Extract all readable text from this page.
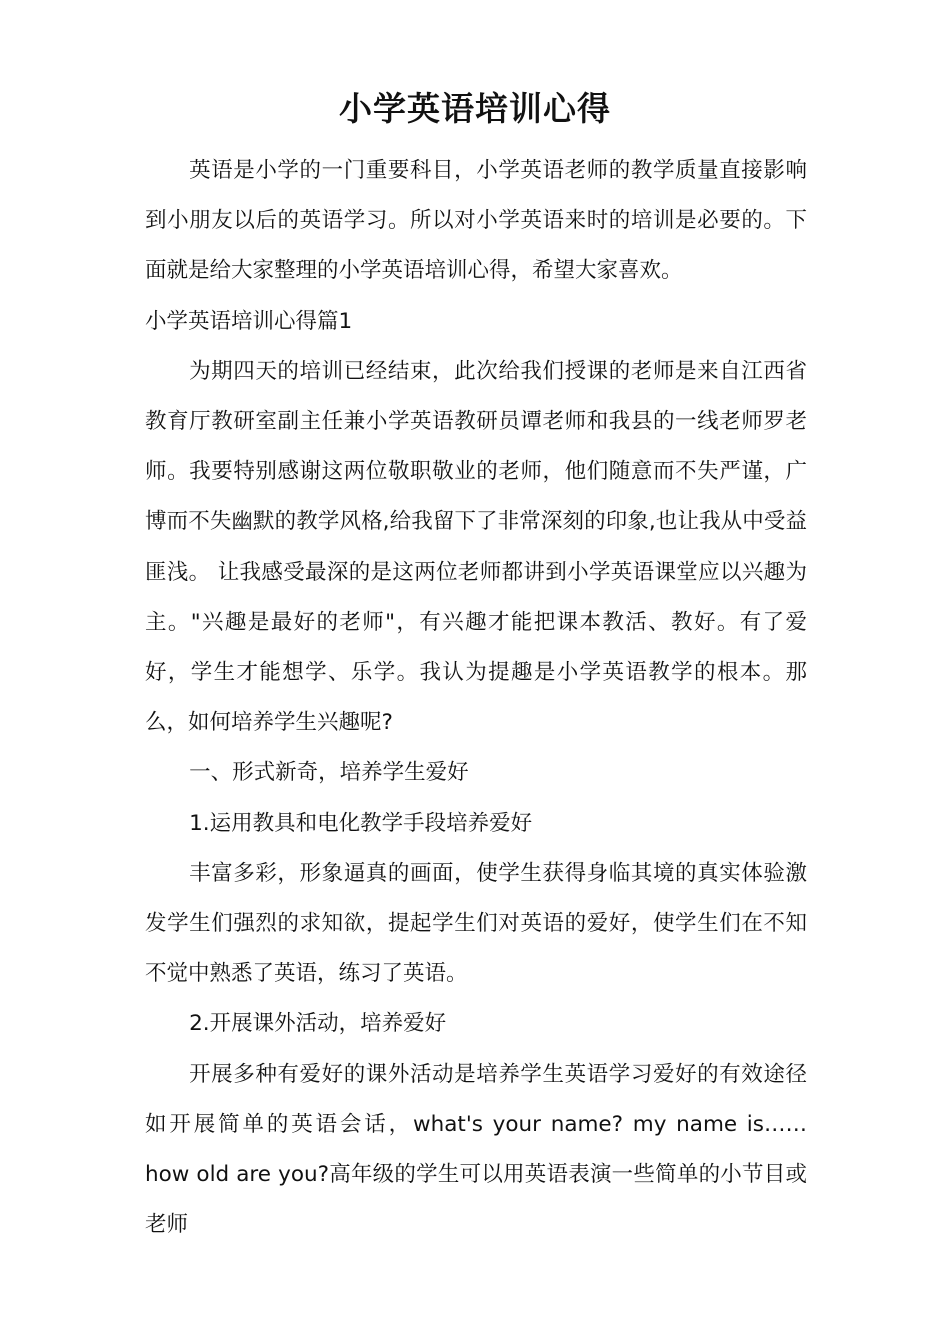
小学英语培训心得

英语是小学的一门重要科目，小学英语老师的教学质量直接影响到小朋友以后的英语学习。所以对小学英语来时的培训是必要的。下面就是给大家整理的小学英语培训心得，希望大家喜欢。

小学英语培训心得篇1

为期四天的培训已经结束，此次给我们授课的老师是来自江西省教育厅教研室副主任兼小学英语教研员谭老师和我县的一线老师罗老师。我要特别感谢这两位敬职敬业的老师，他们随意而不失严谨，广博而不失幽默的教学风格,给我留下了非常深刻的印象,也让我从中受益匪浅。 让我感受最深的是这两位老师都讲到小学英语课堂应以兴趣为主。"兴趣是最好的老师"，有兴趣才能把课本教活、教好。有了爱好，学生才能想学、乐学。我认为提趣是小学英语教学的根本。那么，如何培养学生兴趣呢?

一、形式新奇，培养学生爱好

1.运用教具和电化教学手段培养爱好

丰富多彩，形象逼真的画面，使学生获得身临其境的真实体验激发学生们强烈的求知欲，提起学生们对英语的爱好，使学生们在不知不觉中熟悉了英语，练习了英语。

2.开展课外活动，培养爱好

开展多种有爱好的课外活动是培养学生英语学习爱好的有效途径如开展简单的英语会话，what's your name? my name is…… how old are you?高年级的学生可以用英语表演一些简单的小节目或老师
